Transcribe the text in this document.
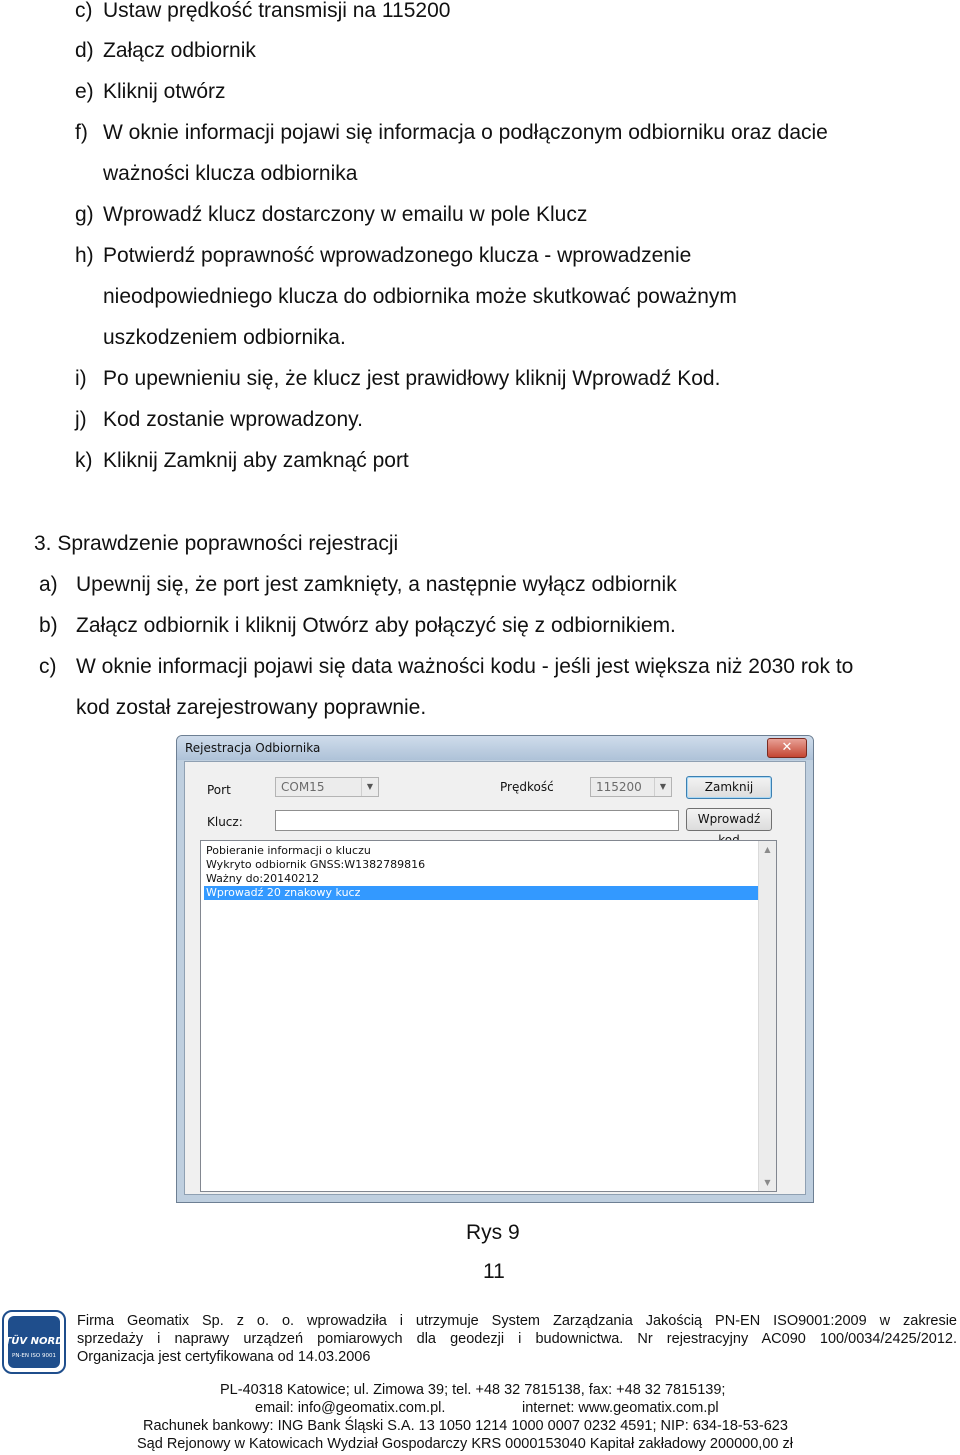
c) Ustaw prędkość transmisji na 115200
d) Załącz odbiornik
e) Kliknij otwórz
f) W oknie informacji pojawi się informacja o podłączonym odbiorniku oraz dacie
ważności klucza odbiornika
g) Wprowadź klucz dostarczony w emailu w pole Klucz
h) Potwierdź poprawność wprowadzonego klucza - wprowadzenie
nieodpowiedniego klucza do odbiornika może skutkować poważnym
uszkodzeniem odbiornika.
i) Po upewnieniu się, że klucz jest prawidłowy kliknij Wprowadź Kod.
j) Kod zostanie wprowadzony.
k) Kliknij Zamknij aby zamknąć port
3. Sprawdzenie poprawności rejestracji
a) Upewnij się, że port jest zamknięty, a następnie wyłącz odbiornik
b) Załącz odbiornik i kliknij Otwórz aby połączyć się z odbiornikiem.
c) W oknie informacji pojawi się data ważności kodu - jeśli jest większa niż 2030 rok to
kod został zarejestrowany poprawnie.
Rejestracja Odbiornika	✕
Port	COM15	▼	Prędkość	115200	▼	Zamknij
Klucz:	Wprowadź
Pobieranie informacji o kluczu
Wykryto odbiornik GNSS:W1382789816
Ważny do:20140212
Wprowadź 20 znakowy kucz
▲
▼
Rys 9
11
TÜV NORD
PN-EN ISO 9001
Firma Geomatix Sp. z o. o. wprowadziła i utrzymuje System Zarządzania Jakością PN-EN ISO9001:2009 w zakresie
sprzedaży i naprawy urządzeń pomiarowych dla geodezji i budownictwa. Nr rejestracyjny AC090 100/0034/2425/2012.
Organizacja jest certyfikowana od 14.03.2006
PL-40318 Katowice; ul. Zimowa 39; tel. +48 32 7815138, fax: +48 32 7815139;
email: info@geomatix.com.pl.	internet: www.geomatix.com.pl
Rachunek bankowy: ING Bank Śląski S.A. 13 1050 1214 1000 0007 0232 4591; NIP: 634-18-53-623
Sąd Rejonowy w Katowicach Wydział Gospodarczy KRS 0000153040 Kapitał zakładowy 200000,00 zł
